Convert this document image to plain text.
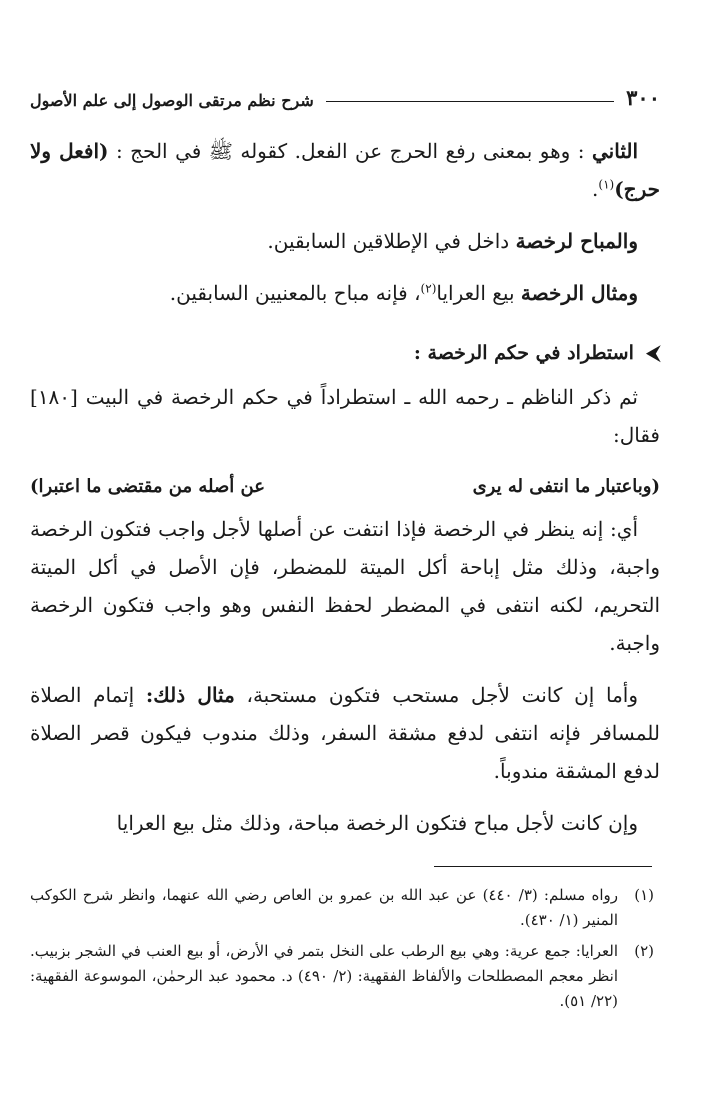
٣٠٠
شرح نظم مرتقى الوصول إلى علم الأصول

الثاني : وهو بمعنى رفع الحرج عن الفعل. كقوله ﷺ في الحج : (افعل ولا حرج)$^{(١)}$.

والمباح لرخصة داخل في الإطلاقين السابقين.

ومثال الرخصة بيع العرايا$^{(٢)}$، فإنه مباح بالمعنيين السابقين.

⮜ استطراد في حكم الرخصة :

ثم ذكر الناظم ـ رحمه الله ـ استطراداً في حكم الرخصة في البيت [١٨٠] فقال:

(وباعتبار ما انتفى له يرى
عن أصله من مقتضى ما اعتبرا)

أي: إنه ينظر في الرخصة فإذا انتفت عن أصلها لأجل واجب فتكون الرخصة واجبة، وذلك مثل إباحة أكل الميتة للمضطر، فإن الأصل في أكل الميتة التحريم، لكنه انتفى في المضطر لحفظ النفس وهو واجب فتكون الرخصة واجبة.

وأما إن كانت لأجل مستحب فتكون مستحبة، مثال ذلك: إتمام الصلاة للمسافر فإنه انتفى لدفع مشقة السفر، وذلك مندوب فيكون قصر الصلاة لدفع المشقة مندوباً.

وإن كانت لأجل مباح فتكون الرخصة مباحة، وذلك مثل بيع العرايا

(١)
رواه مسلم: (٣/ ٤٤٠) عن عبد الله بن عمرو بن العاص رضي الله عنهما، وانظر شرح الكوكب المنير (١/ ٤٣٠).
(٢)
العرايا: جمع عرية: وهي بيع الرطب على النخل بتمر في الأرض، أو بيع العنب في الشجر بزبيب. انظر معجم المصطلحات والألفاظ الفقهية: (٢/ ٤٩٠) د. محمود عبد الرحمٰن، الموسوعة الفقهية: (٢٢/ ٥١).
